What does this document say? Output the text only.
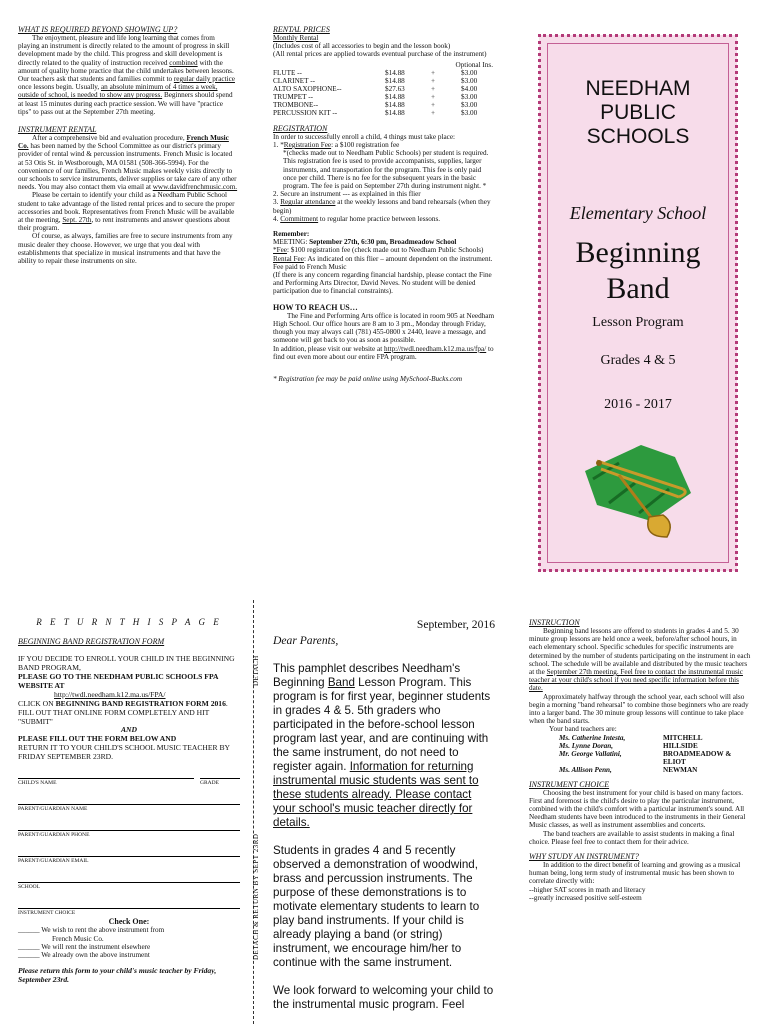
WHAT IS REQUIRED BEYOND SHOWING UP?

The enjoyment, pleasure and life long learning that comes from playing an instrument is directly related to the amount of progress in skill development made by the child. This progress and skill development is directly related to the quality of instruction received combined with the amount of quality home practice that the child undertakes between lessons. Our teachers ask that students and families commit to regular daily practice once lessons begin. Usually, an absolute minimum of 4 times a week, outside of school, is needed to show any progress. Beginners should spend at least 15 minutes during each practice session. We will have "practice tips" to pass out at the September 27th meeting.

INSTRUMENT RENTAL

After a comprehensive bid and evaluation procedure, French Music Co. has been named by the School Committee as our district's primary provider of rental wind & percussion instruments. French Music is located at 53 Otis St. in Westborough, MA 01581 (508-366-5994). For the convenience of our families, French Music makes weekly visits directly to our schools to service instruments, deliver supplies or take care of any other needs. You may also contact them via email at www.davidfrenchmusic.com.

Please be certain to identify your child as a Needham Public School student to take advantage of the listed rental prices and to secure the proper accessories and book. Representatives from French Music will be available at the meeting, Sept. 27th, to rent instruments and answer questions about their program.

Of course, as always, families are free to secure instruments from any music dealer they choose. However, we urge that you deal with establishments that specialize in musical instruments and that have the ability to repair these instruments on site.

RENTAL PRICES

Monthly Rental

(Includes cost of all accessories to begin and the lesson book)

(All rental prices are applied towards eventual purchase of the instrument)

Optional Ins.

FLUTE --	$14.88	+	$3.00
CLARINET --	$14.88	+	$3.00
ALTO SAXOPHONE--	$27.63	+	$4.00
TRUMPET --	$14.88	+	$3.00
TROMBONE--	$14.88	+	$3.00
PERCUSSION KIT --	$14.88	+	$3.00

REGISTRATION

In order to successfully enroll a child, 4 things must take place:

1. *Registration Fee: a $100 registration fee

*(checks made out to Needham Public Schools) per student is required. This registration fee is used to provide accompanists, supplies, larger instruments, and transportation for the program. This fee is only paid once per child. There is no fee for the subsequent years in the basic program. The fee is paid on September 27th during instrument night. *

2. Secure an instrument --- as explained in this flier

3. Regular attendance at the weekly lessons and band rehearsals (when they begin)

4. Commitment to regular home practice between lessons.

Remember:

MEETING: September 27th, 6:30 pm, Broadmeadow School

*Fee: $100 registration fee (check made out to Needham Public Schools)

Rental Fee: As indicated on this flier – amount dependent on the instrument. Fee paid to French Music

(If there is any concern regarding financial hardship, please contact the Fine and Performing Arts Director, David Neves. No student will be denied participation due to financial constraints).

HOW TO REACH US…

The Fine and Performing Arts office is located in room 905 at Needham High School. Our office hours are 8 am to 3 pm., Monday through Friday, though you may always call (781) 455-0800 x 2440, leave a message, and someone will get back to you as soon as possible.

In addition, please visit our website at http://twdl.needham.k12.ma.us/fpa/ to find out even more about our entire FPA program.

* Registration fee may be paid online using MySchool-Bucks.com

NEEDHAM
PUBLIC
SCHOOLS
Elementary School
Beginning
Band
Lesson Program
Grades 4 & 5
2016 - 2017

R E T U R N T H I S P A G E

BEGINNING BAND REGISTRATION FORM

IF YOU DECIDE TO ENROLL YOUR CHILD IN THE BEGINNING BAND PROGRAM,

PLEASE GO TO THE NEEDHAM PUBLIC SCHOOLS FPA WEBSITE AT

http://twdl.needham.k12.ma.us/FPA/

CLICK ON BEGINNING BAND REGISTRATION FORM 2016. FILL OUT THAT ONLINE FORM COMPLETELY AND HIT "SUBMIT"

AND

PLEASE FILL OUT THE FORM BELOW AND

RETURN IT TO YOUR CHILD'S SCHOOL MUSIC TEACHER BY FRIDAY SEPTEMBER 23RD.

CHILD'S NAME	GRADE
PARENT/GUARDIAN NAME
PARENT/GUARDIAN PHONE
PARENT/GUARDIAN EMAIL
SCHOOL
INSTRUMENT CHOICE

Check One:

______ We wish to rent the above instrument from

French Music Co.

______ We will rent the instrument elsewhere

______ We already own the above instrument

Please return this form to your child's music teacher by Friday, September 23rd.

DETACH
DETACH & RETURN BY SEPT 23RD

September, 2016

Dear Parents,

This pamphlet describes Needham's Beginning Band Lesson Program. This program is for first year, beginner students in grades 4 & 5. 5th graders who participated in the before-school lesson program last year, and are continuing with the same instrument, do not need to register again. Information for returning instrumental music students was sent to these students already. Please contact your school's music teacher directly for details.

Students in grades 4 and 5 recently observed a demonstration of woodwind, brass and percussion instruments. The purpose of these demonstrations is to motivate elementary students to learn to play band instruments. If your child is already playing a band (or string) instrument, we encourage him/her to continue with the same instrument.

We look forward to welcoming your child to the instrumental music program. Feel

INSTRUCTION

Beginning band lessons are offered to students in grades 4 and 5. 30 minute group lessons are held once a week, before/after school hours, in each elementary school. Specific schedules for specific instruments are determined by the number of students participating on the instrument in each school. The schedule will be available and distributed by the music teachers at the September 27th meeting. Feel free to contact the instrumental music teacher at your child's school if you need specific information before this date.

Approximately halfway through the school year, each school will also begin a morning "band rehearsal" to combine those beginners who are ready into a larger band. The 30 minute group lessons will continue to take place when the band starts.

Your band teachers are:

Ms. Catherine Intesta,	MITCHELL
Ms. Lynne Doran,	HILLSIDE
Mr. George Vallatini,	BROADMEADOW & ELIOT
Ms. Allison Penn,	NEWMAN

INSTRUMENT CHOICE

Choosing the best instrument for your child is based on many factors. First and foremost is the child's desire to play the particular instrument, combined with the child's comfort with a particular instrument's sound. All Needham students have been introduced to the instruments in their General Music classes, as well as instrument assemblies and concerts.

The band teachers are available to assist students in making a final choice. Please feel free to contact them for their advice.

WHY STUDY AN INSTRUMENT?

In addition to the direct benefit of learning and growing as a musical human being, long term study of instrumental music has been shown to correlate directly with:

--higher SAT scores in math and literacy

--greatly increased positive self-esteem
